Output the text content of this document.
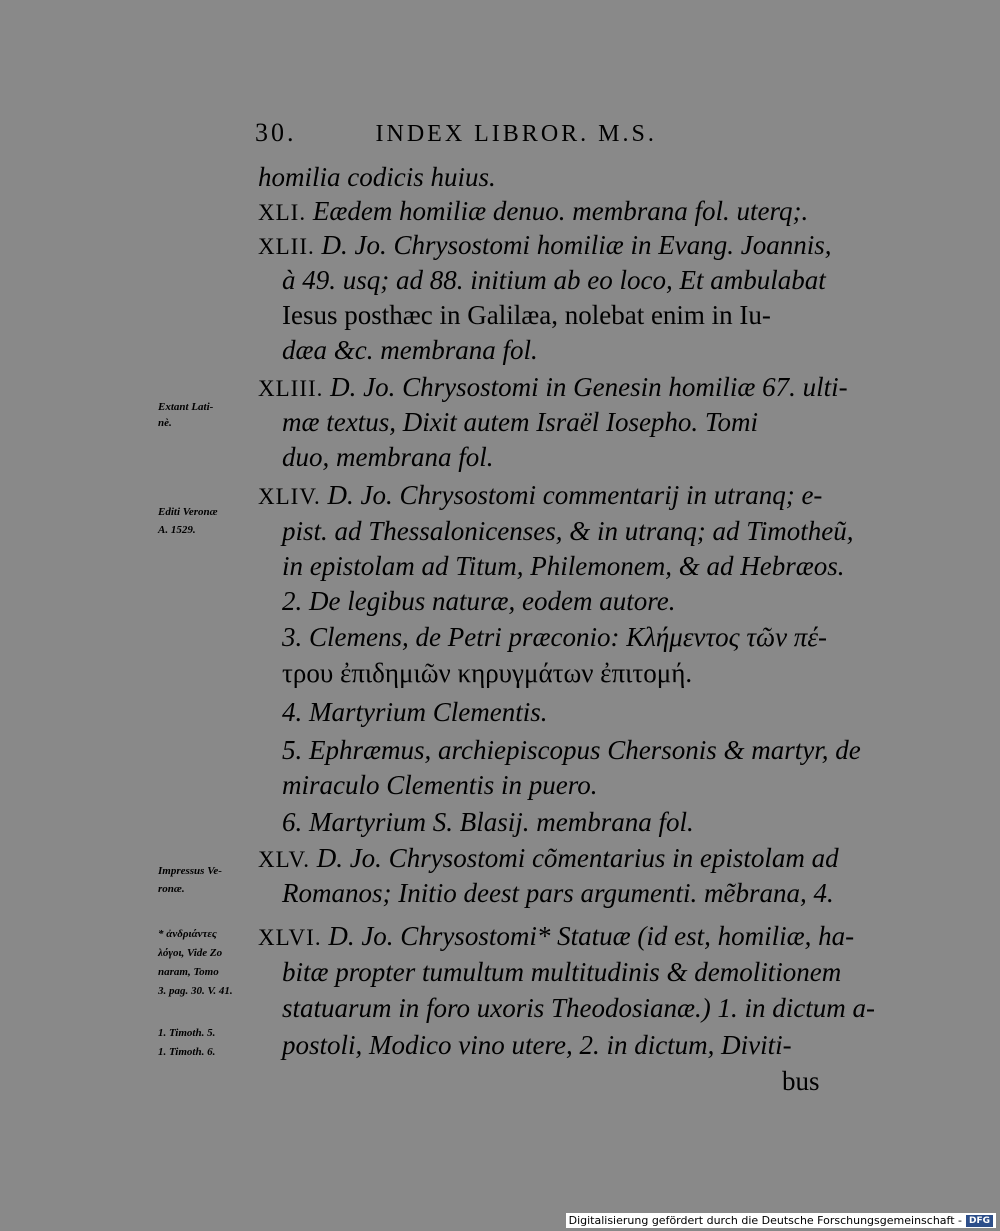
30.	INDEX LIBROR. M.S.
homilia codicis huius.
XLI. Eædem homiliæ denuo. membrana fol. uterq;.
XLII. D. Jo. Chrysostomi homiliæ in Evang. Joannis,
à 49. usq; ad 88. initium ab eo loco, Et ambulabat
Iesus posthæc in Galilæa, nolebat enim in Iu-
dæa &c. membrana fol.
XLIII. D. Jo. Chrysostomi in Genesin homiliæ 67. ulti-
mæ textus, Dixit autem Israël Iosepho. Tomi
duo, membrana fol.
XLIV. D. Jo. Chrysostomi commentarij in utranq; e-
pist. ad Thessalonicenses, & in utranq; ad Timotheũ,
in epistolam ad Titum, Philemonem, & ad Hebræos.
2. De legibus naturæ, eodem autore.
3. Clemens, de Petri præconio: Κλήμεντος τῶν πέ-
τρου ἐπιδημιῶν κηρυγμάτων ἐπιτομή.
4. Martyrium Clementis.
5. Ephræmus, archiepiscopus Chersonis & martyr, de
miraculo Clementis in puero.
6. Martyrium S. Blasij. membrana fol.
XLV. D. Jo. Chrysostomi cõmentarius in epistolam ad
Romanos; Initio deest pars argumenti. mẽbrana, 4.
XLVI. D. Jo. Chrysostomi* Statuæ (id est, homiliæ, ha-
bitæ propter tumultum multitudinis & demolitionem
statuarum in foro uxoris Theodosianæ.) 1. in dictum a-
postoli, Modico vino utere, 2. in dictum, Diviti-
bus
Extant Lati-
nè.
Editi Veronæ
A. 1529.
Impressus Ve-
ronæ.
* ἀνδριάντες
λόγοι, Vide Zo
naram, Tomo
3. pag. 30. V. 41.
1. Timoth. 5.
1. Timoth. 6.
Digitalisierung gefördert durch die Deutsche Forschungsgemeinschaft - DFG
